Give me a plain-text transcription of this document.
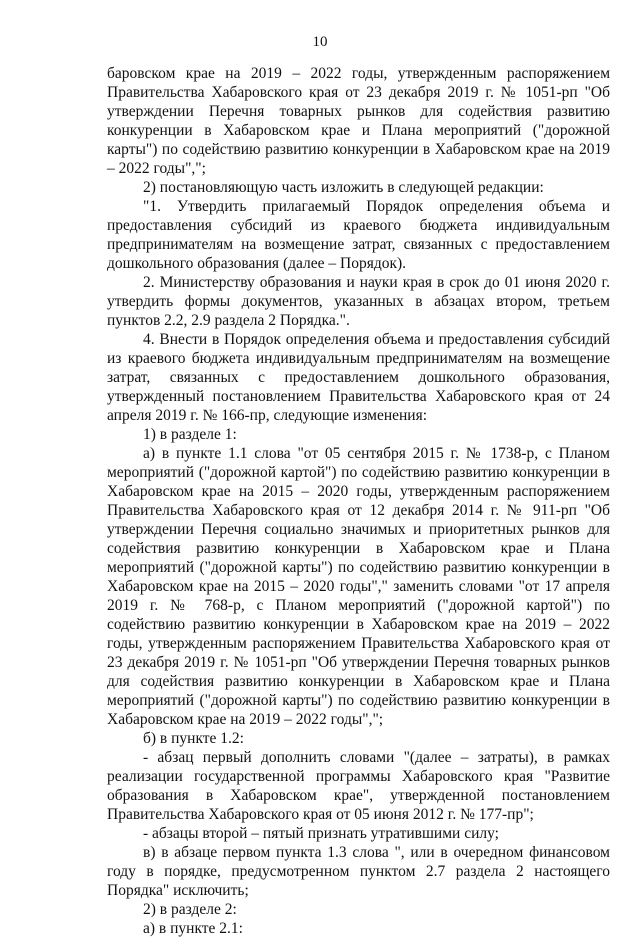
10

баровском крае на 2019 – 2022 годы, утвержденным распоряжением Правительства Хабаровского края от 23 декабря 2019 г. № 1051-рп "Об утверждении Перечня товарных рынков для содействия развитию конкуренции в Хабаровском крае и Плана мероприятий ("дорожной карты") по содействию развитию конкуренции в Хабаровском крае на 2019 – 2022 годы",";

2) постановляющую часть изложить в следующей редакции:

"1. Утвердить прилагаемый Порядок определения объема и предоставления субсидий из краевого бюджета индивидуальным предпринимателям на возмещение затрат, связанных с предоставлением дошкольного образования (далее – Порядок).

2. Министерству образования и науки края в срок до 01 июня 2020 г. утвердить формы документов, указанных в абзацах втором, третьем пунктов 2.2, 2.9 раздела 2 Порядка.".

4. Внести в Порядок определения объема и предоставления субсидий из краевого бюджета индивидуальным предпринимателям на возмещение затрат, связанных с предоставлением дошкольного образования, утвержденный постановлением Правительства Хабаровского края от 24 апреля 2019 г. № 166-пр, следующие изменения:

1) в разделе 1:

а) в пункте 1.1 слова "от 05 сентября 2015 г. № 1738-р, с Планом мероприятий ("дорожной картой") по содействию развитию конкуренции в Хабаровском крае на 2015 – 2020 годы, утвержденным распоряжением Правительства Хабаровского края от 12 декабря 2014 г. № 911-рп "Об утверждении Перечня социально значимых и приоритетных рынков для содействия развитию конкуренции в Хабаровском крае и Плана мероприятий ("дорожной карты") по содействию развитию конкуренции в Хабаровском крае на 2015 – 2020 годы"," заменить словами "от 17 апреля 2019 г. № 768-р, с Планом мероприятий ("дорожной картой") по содействию развитию конкуренции в Хабаровском крае на 2019 – 2022 годы, утвержденным распоряжением Правительства Хабаровского края от 23 декабря 2019 г. № 1051-рп "Об утверждении Перечня товарных рынков для содействия развитию конкуренции в Хабаровском крае и Плана мероприятий ("дорожной карты") по содействию развитию конкуренции в Хабаровском крае на 2019 – 2022 годы",";

б) в пункте 1.2:

- абзац первый дополнить словами "(далее – затраты), в рамках реализации государственной программы Хабаровского края "Развитие образования в Хабаровском крае", утвержденной постановлением Правительства Хабаровского края от 05 июня 2012 г. № 177-пр";

- абзацы второй – пятый признать утратившими силу;

в) в абзаце первом пункта 1.3 слова ", или в очередном финансовом году в порядке, предусмотренном пунктом 2.7 раздела 2 настоящего Порядка" исключить;

2) в разделе 2:

а) в пункте 2.1:
